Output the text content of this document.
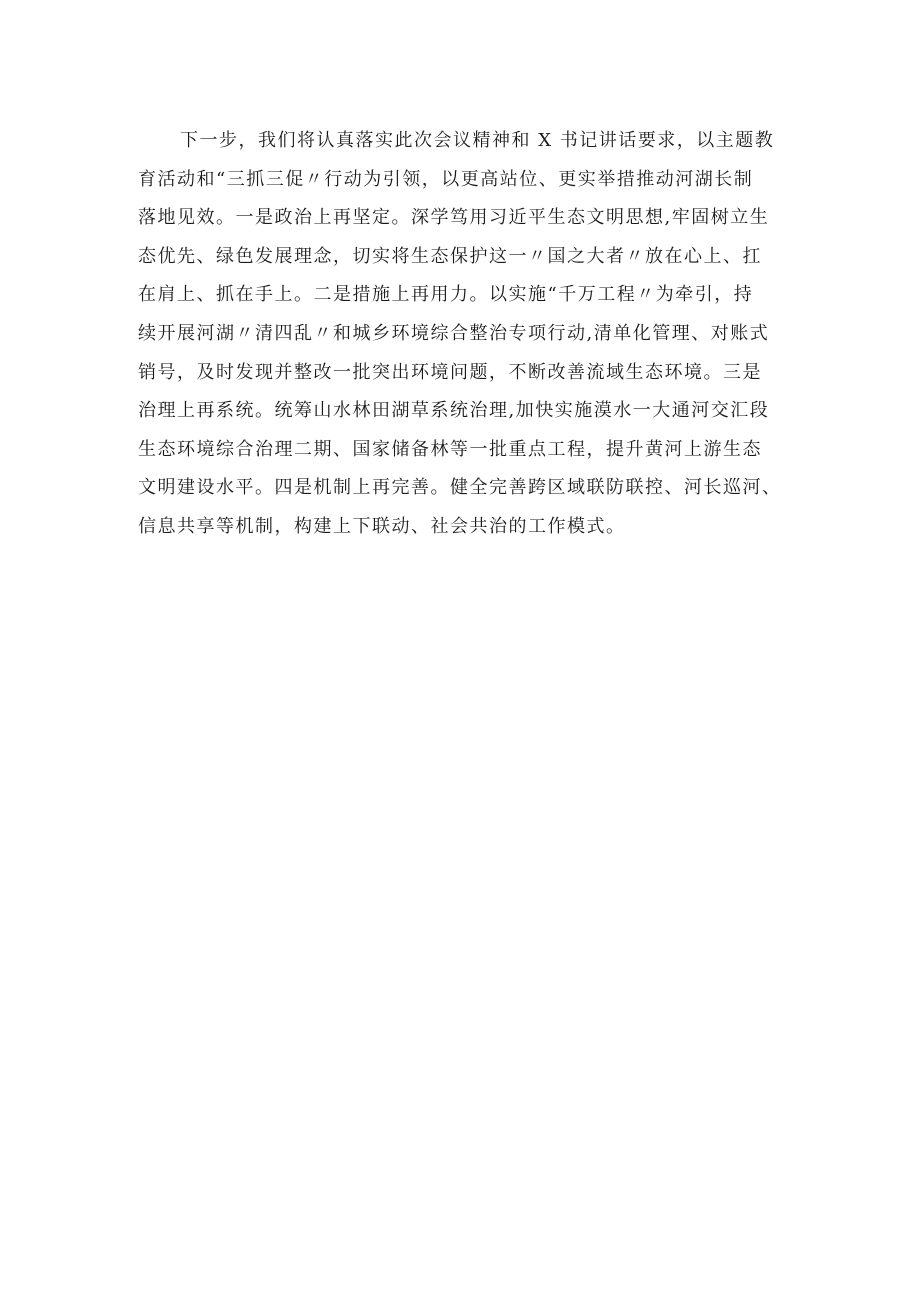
下一步，我们将认真落实此次会议精神和 X 书记讲话要求，以主题教
育活动和“三抓三促〃行动为引领，以更高站位、更实举措推动河湖长制
落地见效。一是政治上再坚定。深学笃用习近平生态文明思想,牢固树立生
态优先、绿色发展理念，切实将生态保护这一〃国之大者〃放在心上、扛
在肩上、抓在手上。二是措施上再用力。以实施“千万工程〃为牵引，持
续开展河湖〃清四乱〃和城乡环境综合整治专项行动,清单化管理、对账式
销号，及时发现并整改一批突出环境问题，不断改善流域生态环境。三是
治理上再系统。统筹山水林田湖草系统治理,加快实施漠水一大通河交汇段
生态环境综合治理二期、国家储备林等一批重点工程，提升黄河上游生态
文明建设水平。四是机制上再完善。健全完善跨区域联防联控、河长巡河、
信息共享等机制，构建上下联动、社会共治的工作模式。
